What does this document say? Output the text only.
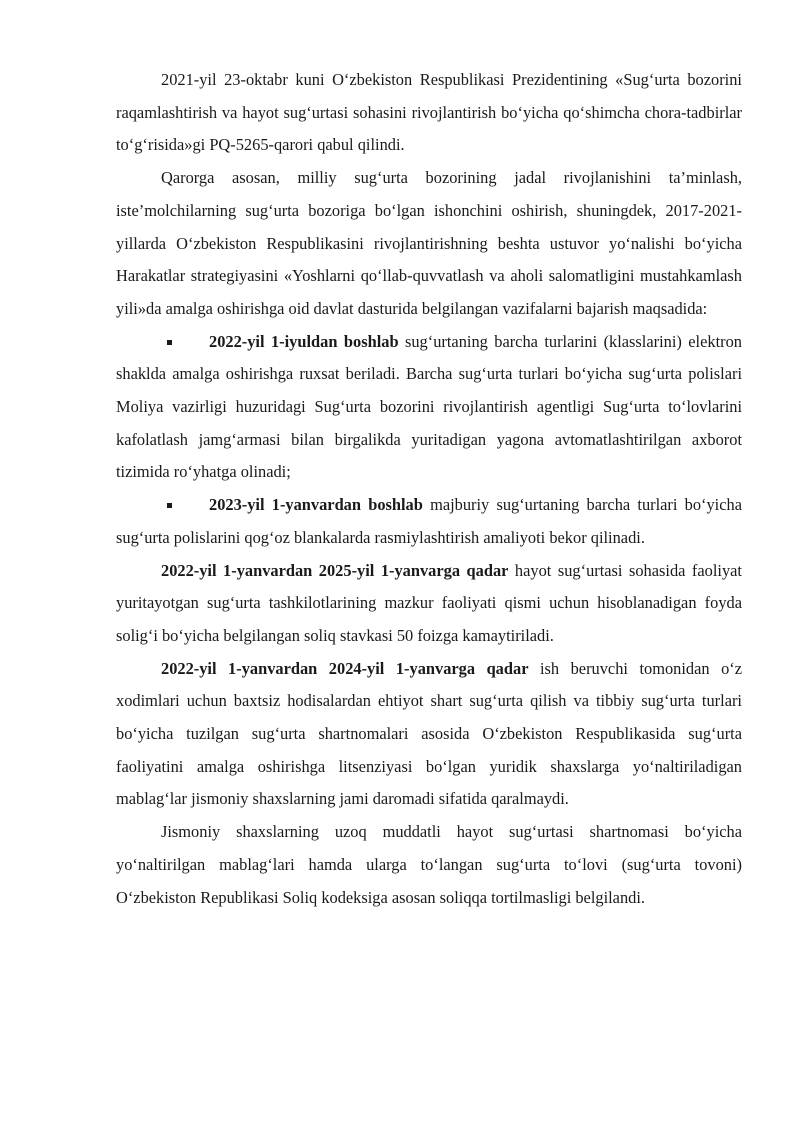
2021-yil 23-oktabr kuni O‘zbekiston Respublikasi Prezidentining «Sug‘urta bozorini raqamlashtirish va hayot sug‘urtasi sohasini rivojlantirish bo‘yicha qo‘shimcha chora-tadbirlar to‘g‘risida»gi PQ-5265-qarori qabul qilindi.

Qarorga asosan, milliy sug‘urta bozorining jadal rivojlanishini ta’minlash, iste’molchilarning sug‘urta bozoriga bo‘lgan ishonchini oshirish, shuningdek, 2017-2021-yillarda O‘zbekiston Respublikasini rivojlantirishning beshta ustuvor yo‘nalishi bo‘yicha Harakatlar strategiyasini «Yoshlarni qo‘llab-quvvatlash va aholi salomatligini mustahkamlash yili»da amalga oshirishga oid davlat dasturida belgilangan vazifalarni bajarish maqsadida:

2022-yil 1-iyuldan boshlab sug‘urtaning barcha turlarini (klasslarini) elektron shaklda amalga oshirishga ruxsat beriladi. Barcha sug‘urta turlari bo‘yicha sug‘urta polislari Moliya vazirligi huzuridagi Sug‘urta bozorini rivojlantirish agentligi Sug‘urta to‘lovlarini kafolatlash jamg‘armasi bilan birgalikda yuritadigan yagona avtomatlashtirilgan axborot tizimida ro‘yhatga olinadi;

2023-yil 1-yanvardan boshlab majburiy sug‘urtaning barcha turlari bo‘yicha sug‘urta polislarini qog‘oz blankalarda rasmiylashtirish amaliyoti bekor qilinadi.

2022-yil 1-yanvardan 2025-yil 1-yanvarga qadar hayot sug‘urtasi sohasida faoliyat yuritayotgan sug‘urta tashkilotlarining mazkur faoliyati qismi uchun hisoblanadigan foyda solig‘i bo‘yicha belgilangan soliq stavkasi 50 foizga kamaytiriladi.

2022-yil 1-yanvardan 2024-yil 1-yanvarga qadar ish beruvchi tomonidan o‘z xodimlari uchun baxtsiz hodisalardan ehtiyot shart sug‘urta qilish va tibbiy sug‘urta turlari bo‘yicha tuzilgan sug‘urta shartnomalari asosida O‘zbekiston Respublikasida sug‘urta faoliyatini amalga oshirishga litsenziyasi bo‘lgan yuridik shaxslarga yo‘naltiriladigan mablag‘lar jismoniy shaxslarning jami daromadi sifatida qaralmaydi.

Jismoniy shaxslarning uzoq muddatli hayot sug‘urtasi shartnomasi bo‘yicha yo‘naltirilgan mablag‘lari hamda ularga to‘langan sug‘urta to‘lovi (sug‘urta tovoni) O‘zbekiston Republikasi Soliq kodeksiga asosan soliqqa tortilmasligi belgilandi.
